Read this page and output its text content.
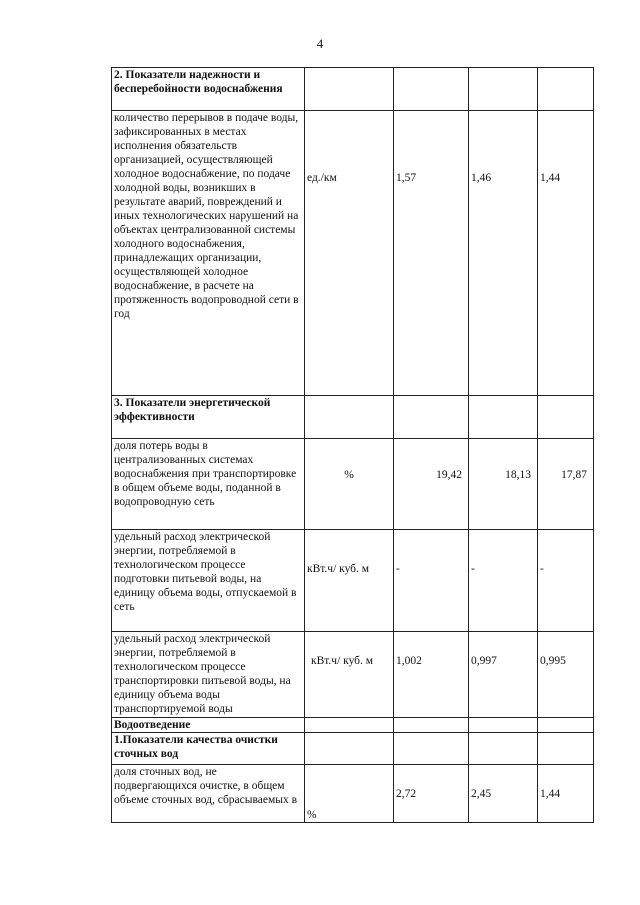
4
2. Показатели надежности и бесперебойности водоснабжения				
количество перерывов в подаче воды, зафиксированных в местах исполнения обязательств организацией, осуществляющей холодное водоснабжение, по подаче холодной воды, возникших в результате аварий, повреждений и иных технологических нарушений на объектах централизованной системы холодного водоснабжения, принадлежащих организации, осуществляющей холодное водоснабжение, в расчете на протяженность водопроводной сети в год	ед./км	1,57	1,46	1,44
3. Показатели энергетической эффективности				
доля потерь воды в централизованных системах водоснабжения при транспортировке в общем объеме воды, поданной в водопроводную сеть	%	19,42	18,13	17,87
удельный расход электрической энергии, потребляемой в технологическом процессе подготовки питьевой воды, на единицу объема воды, отпускаемой в сеть	кВт.ч/ куб. м	-	-	-
удельный расход электрической энергии, потребляемой в технологическом процессе транспортировки питьевой воды, на единицу объема воды транспортируемой воды	кВт.ч/ куб. м	1,002	0,997	0,995
Водоотведение				
1.Показатели качества очистки сточных вод				
доля сточных вод, не подвергающихся очистке, в общем объеме сточных вод, сбрасываемых в	%	2,72	2,45	1,44
